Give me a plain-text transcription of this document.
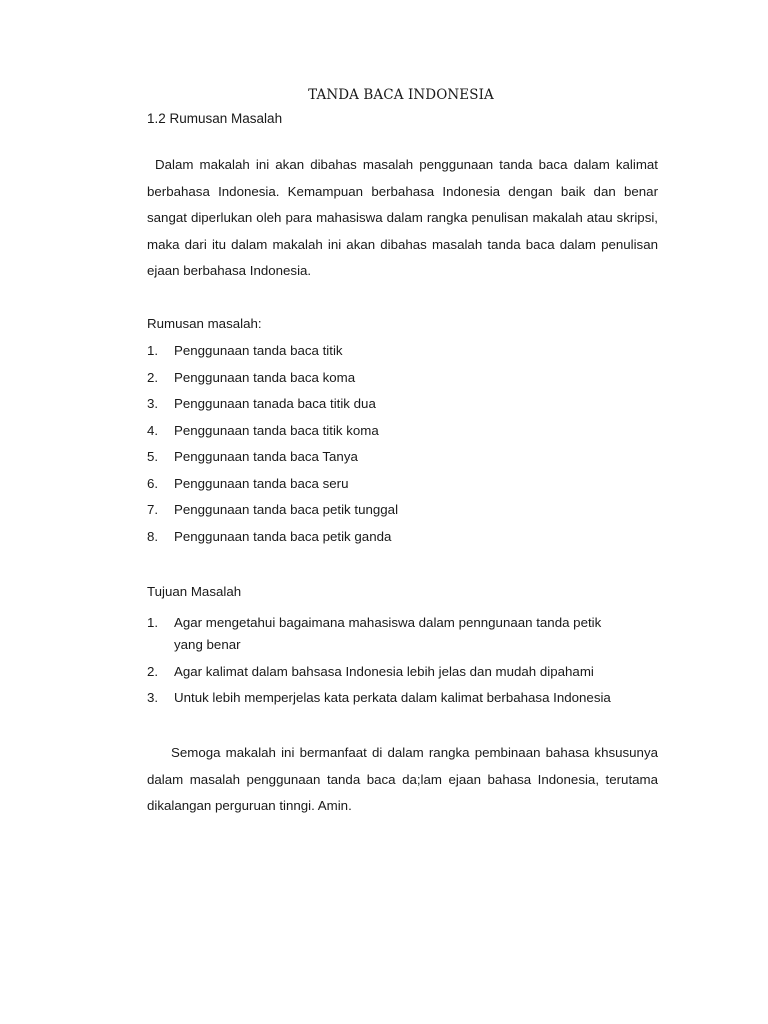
TANDA BACA INDONESIA
1.2 Rumusan Masalah

Dalam makalah ini akan dibahas masalah penggunaan tanda baca dalam kalimat berbahasa Indonesia. Kemampuan berbahasa Indonesia dengan baik dan benar sangat diperlukan oleh para mahasiswa dalam rangka penulisan makalah atau skripsi, maka dari itu dalam makalah ini akan dibahas masalah tanda baca dalam penulisan ejaan berbahasa Indonesia.

Rumusan masalah:
1. Penggunaan tanda baca titik
2. Penggunaan tanda baca koma
3. Penggunaan tanada baca titik dua
4. Penggunaan tanda baca titik koma
5. Penggunaan tanda baca Tanya
6. Penggunaan tanda baca seru
7. Penggunaan tanda baca petik tunggal
8. Penggunaan tanda baca petik ganda
Tujuan Masalah
1. Agar mengetahui bagaimana mahasiswa dalam penngunaan tanda petik yang benar
2. Agar kalimat dalam bahsasa Indonesia lebih jelas dan mudah dipahami
3. Untuk lebih memperjelas kata perkata dalam kalimat berbahasa Indonesia

Semoga makalah ini bermanfaat di dalam rangka pembinaan bahasa khsusunya dalam masalah penggunaan tanda baca da;lam ejaan bahasa Indonesia, terutama dikalangan perguruan tinngi. Amin.
